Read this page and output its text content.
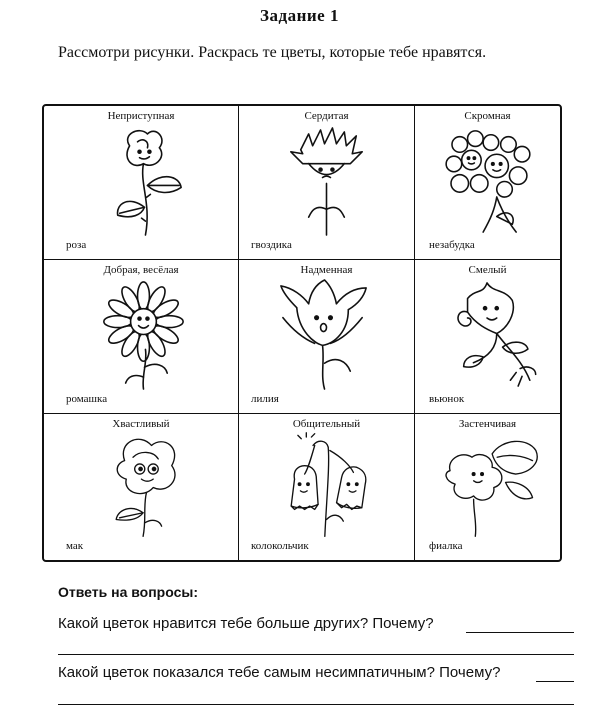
Задание 1
Рассмотри рисунки. Раскрась те цветы, которые тебе нравятся.
Неприступная
роза
Сердитая
гвоздика
Скромная
незабудка
Добрая, весёлая
ромашка
Надменная
лилия
Смелый
вьюнок
Хвастливый
мак
Общительный
колокольчик
Застенчивая
фиалка
Ответь на вопросы:
Какой цветок нравится тебе больше других? Почему?
Какой цветок показался тебе самым несимпатичным? Почему?
